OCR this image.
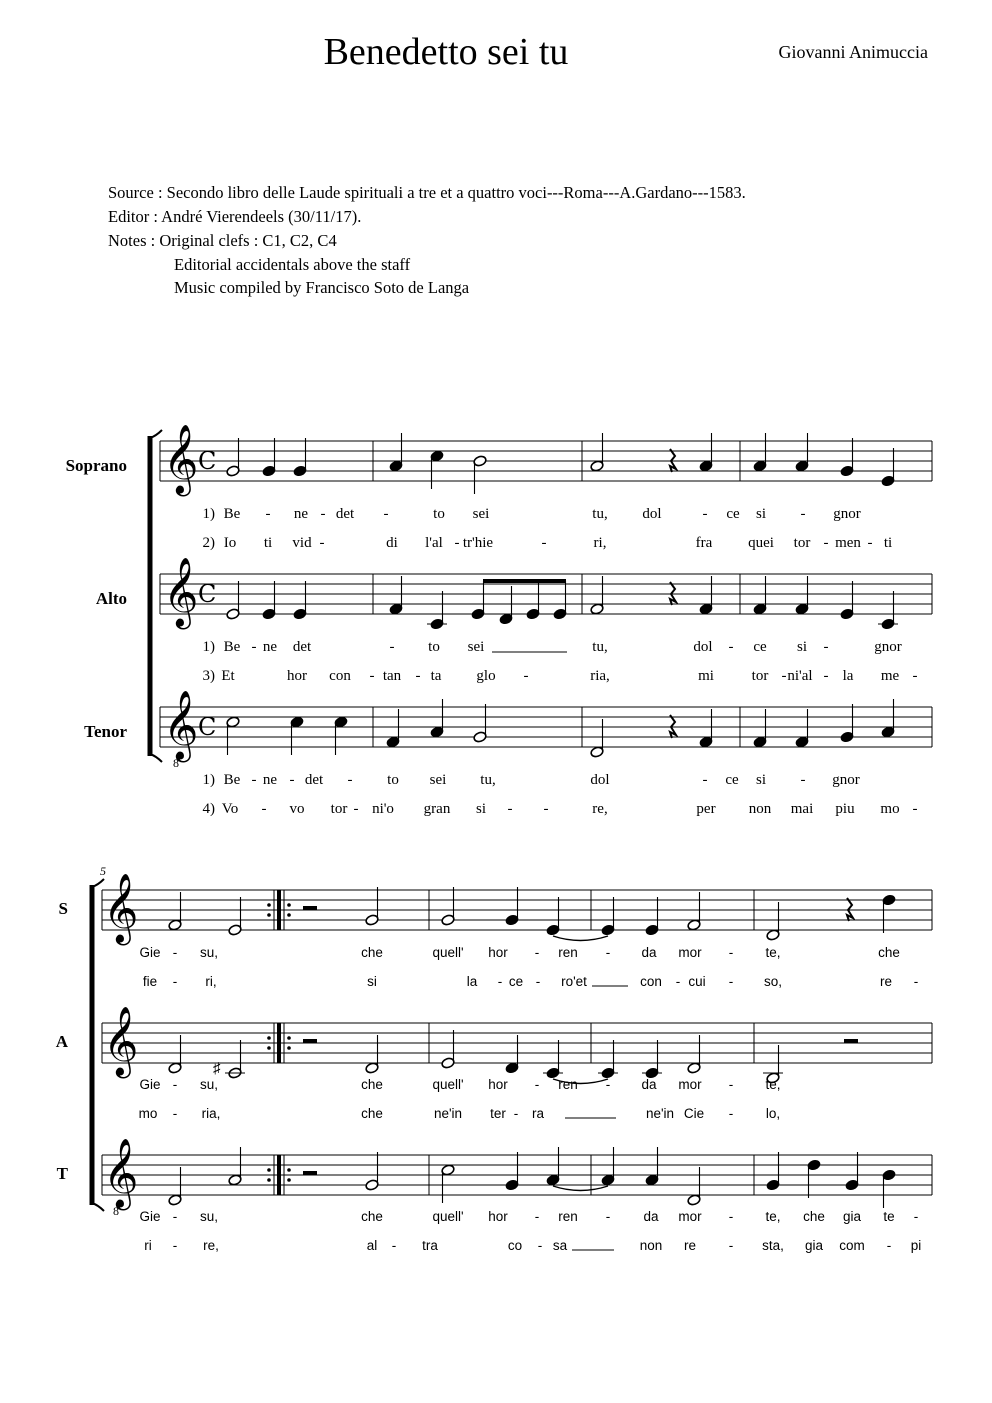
Benedetto sei tu	Giovanni Animuccia
Source : Secondo libro delle Laude spirituali a tre et a quattro voci---Roma---A.Gardano---1583.
Editor : André Vierendeels (30/11/17).
Notes : Original clefs : C1, C2, C4
Editorial accidentals above the staff
Music compiled by Francisco Soto de Langa
𝄞 C
Soprano
𝄞 C
Alto
𝄞
8
C
Tenor
1) Be - ne - det -	to sei	tu, dol	- ce si - gnor
2) Io ti vid -	di l'al - tr'hie	-	ri,	fra quei tor - men - ti
1) Be - ne det	- to sei	tu,	dol - ce si -	gnor
3) Et	hor con - tan - ta glo -	ria,	mi	tor - ni'al - la me -
1) Be - ne - det - to sei tu,	dol	- ce si - gnor
4) Vo - vo tor - ni'o gran si - -	re,	per non mai piu mo -
5
𝄞
S
𝄞
A
𝄞
8
T
Gie - su,	che	quell' hor - ren - da mor - te,	che
fie - ri,	si	la - ce - ro'et	con - cui - so,	re -
♯
Gie - su,	che	quell' hor - ren - da mor - te,
mo - ria,	che	ne'in ter - ra	ne'in Cie - lo,
Gie - su,	che	quell' hor - ren - da mor - te, che gia te -
ri - re,	al - tra	co - sa	non re - sta, gia com - pi
